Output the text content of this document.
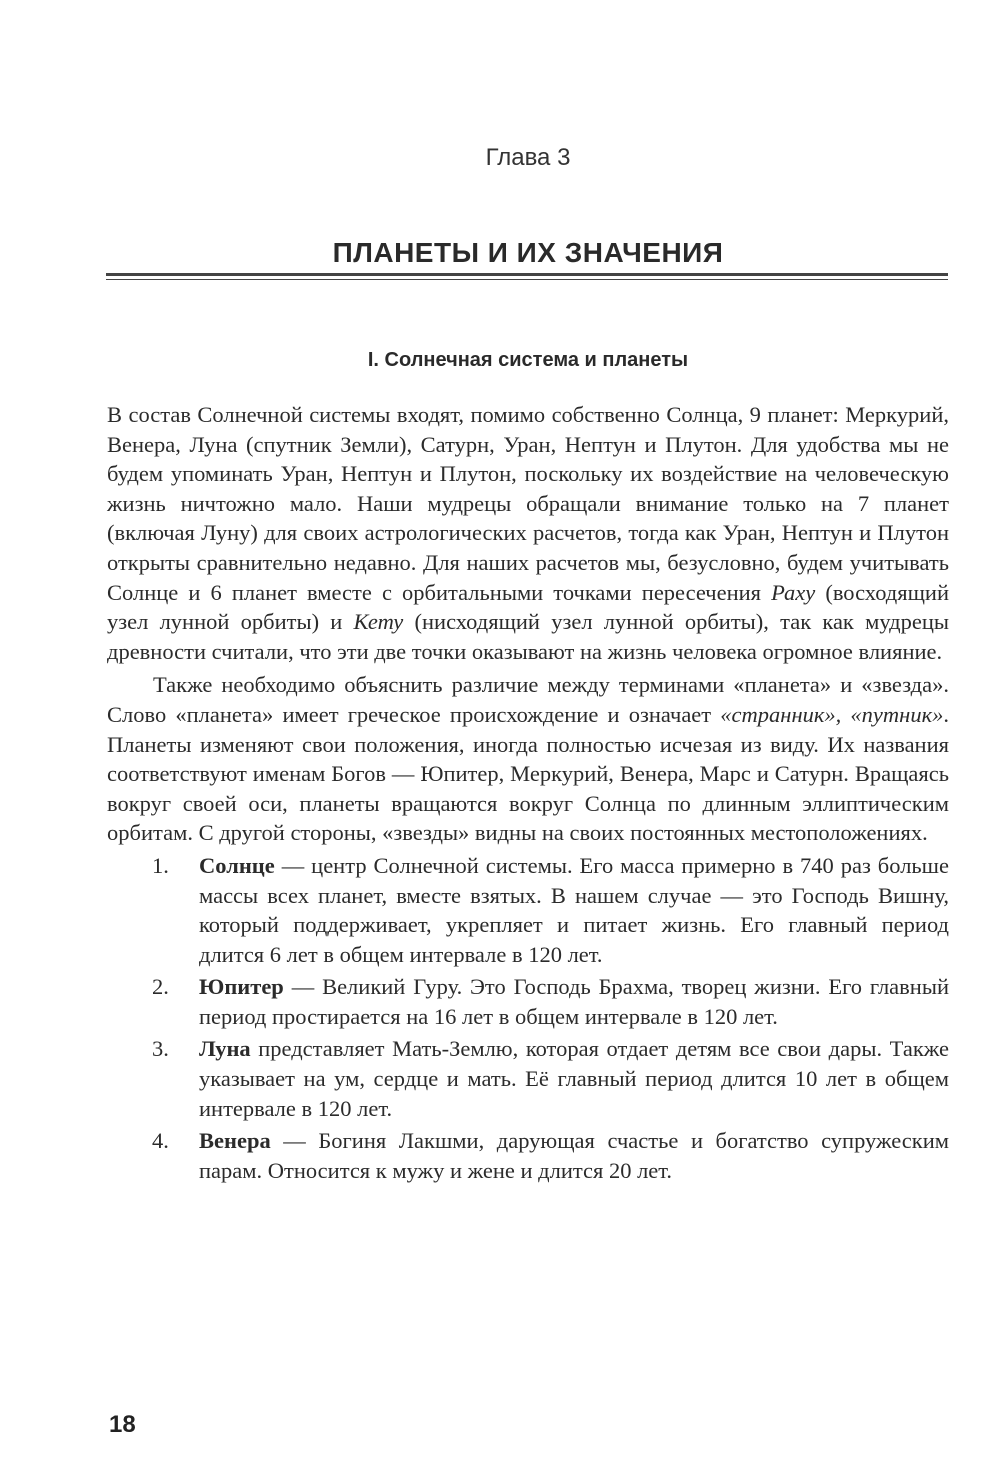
Глава 3
ПЛАНЕТЫ И ИХ ЗНАЧЕНИЯ
I. Солнечная система и планеты

В состав Солнечной системы входят, помимо собственно Солнца, 9 планет: Меркурий, Венера, Луна (спутник Земли), Сатурн, Уран, Нептун и Плутон. Для удобства мы не будем упоминать Уран, Нептун и Плутон, поскольку их воздействие на человеческую жизнь ничтожно мало. Наши мудрецы обращали внимание только на 7 планет (включая Луну) для своих астрологических расчетов, тогда как Уран, Нептун и Плутон открыты сравнительно недавно. Для наших расчетов мы, безусловно, будем учитывать Солнце и 6 планет вместе с орбитальными точками пересечения Раху (восходящий узел лунной орбиты) и Кету (нисходящий узел лунной орбиты), так как мудрецы древности считали, что эти две точки оказывают на жизнь человека огромное влияние.

Также необходимо объяснить различие между терминами «планета» и «звезда». Слово «планета» имеет греческое происхождение и означает «странник», «путник». Планеты изменяют свои положения, иногда полностью исчезая из виду. Их названия соответствуют именам Богов — Юпитер, Меркурий, Венера, Марс и Сатурн. Вращаясь вокруг своей оси, планеты вращаются вокруг Солнца по длинным эллиптическим орбитам. С другой стороны, «звезды» видны на своих постоянных местоположениях.

1. Солнце — центр Солнечной системы. Его масса примерно в 740 раз больше массы всех планет, вместе взятых. В нашем случае — это Господь Вишну, который поддерживает, укрепляет и питает жизнь. Его главный период длится 6 лет в общем интервале в 120 лет.
2. Юпитер — Великий Гуру. Это Господь Брахма, творец жизни. Его главный период простирается на 16 лет в общем интервале в 120 лет.
3. Луна представляет Мать-Землю, которая отдает детям все свои дары. Также указывает на ум, сердце и мать. Её главный период длится 10 лет в общем интервале в 120 лет.
4. Венера — Богиня Лакшми, дарующая счастье и богатство супружеским парам. Относится к мужу и жене и длится 20 лет.
18
